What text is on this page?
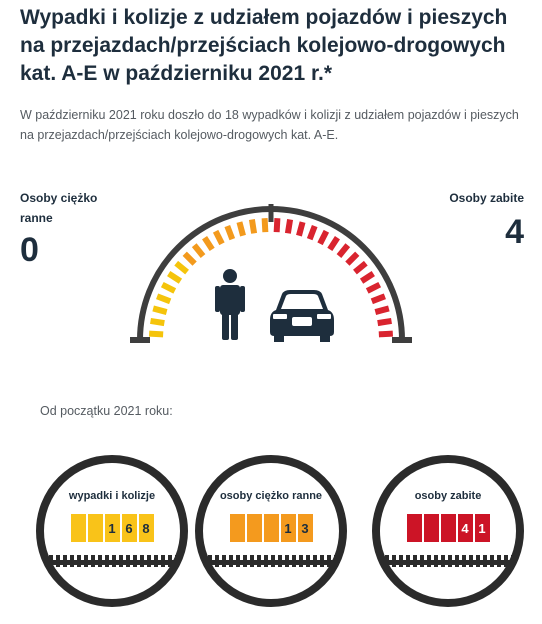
Wypadki i kolizje z udziałem pojazdów i pieszych na przejazdach/przejściach kolejowo-drogowych kat. A-E w październiku 2021 r.*

W październiku 2021 roku doszło do 18 wypadków i kolizji z udziałem pojazdów i pieszych na przejazdach/przejściach kolejowo-drogowych kat. A-E.

Osoby ciężko ranne
0
Osoby zabite
4
Od początku 2021 roku:
wypadki i kolizje
1 6 8
osoby ciężko ranne
1 3
osoby zabite
4 1
